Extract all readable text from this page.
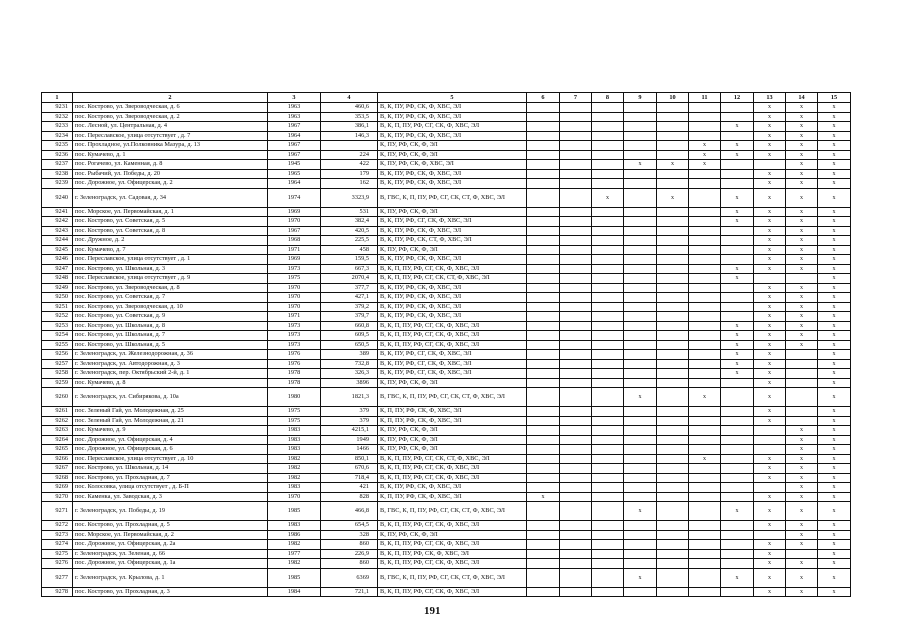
1	2	3	4	5	6	7	8	9	10	11	12	13	14	15
9231	пос. Кострово, ул. Звероводческая, д. 6	1963	460,6	В, К, ПУ, РФ, СК, Ф, ХВС, ЭЛ								x	x	x
9232	пос. Кострово, ул. Звероводческая, д. 2	1963	353,5	В, К, ПУ, РФ, СК, Ф, ХВС, ЭЛ								x	x	x
9233	пос. Лесной, ул. Центральная, д. 4	1967	386,1	В, К, П, ПУ, РФ, СГ, СК, Ф, ХВС, ЭЛ							x	x	x	x
9234	пос. Переславское, улица отсутствует , д. 7	1964	146,3	В, К, ПУ, РФ, СК, Ф, ХВС, ЭЛ								x	x	x
9235	пос. Прохладное, ул.Полковника Мазура, д. 13	1967		К, ПУ, РФ, СК, Ф, ЭЛ						x	x	x	x	x
9236	пос. Кумачево, д. 1	1967	224	К, ПУ, РФ, СК, Ф, ЭЛ						x	x	x	x	x
9237	пос. Рогачево, ул. Каменная, д. 8	1945	422	К, ПУ, РФ, СК, Ф, ХВС, ЭЛ				x	x	x			x	x
9238	пос. Рыбачий, ул. Победы, д. 20	1965	179	В, К, ПУ, РФ, СК, Ф, ХВС, ЭЛ								x	x	x
9239	пос. Дорожное, ул. Офицерская, д. 2	1964	162	В, К, ПУ, РФ, СК, Ф, ХВС, ЭЛ								x	x	x
9240	г. Зеленоградск, ул. Садовая, д. 34	1974	3323,9	В, ГВС, К, П, ПУ, РФ, СГ, СК, СТ, Ф, ХВС, ЭЛ			x		x		x	x	x	x
9241	пос. Морское, ул. Первомайская, д. 1	1969	531	К, ПУ, РФ, СК, Ф, ЭЛ							x	x	x	x
9242	пос. Кострово, ул. Советская, д. 5	1970	382,4	В, К, ПУ, РФ, СГ, СК, Ф, ХВС, ЭЛ							x	x	x	x
9243	пос. Кострово, ул. Советская, д. 8	1967	420,5	В, К, ПУ, РФ, СК, Ф, ХВС, ЭЛ								x	x	x
9244	пос. Дружное, д. 2	1968	225,5	В, К, ПУ, РФ, СК, СТ, Ф, ХВС, ЭЛ								x	x	x
9245	пос. Кумачево, д. 7	1971	458	К, ПУ, РФ, СК, Ф, ЭЛ								x	x	x
9246	пос. Переславское, улица отсутствует , д. 1	1969	159,5	В, К, ПУ, РФ, СК, Ф, ХВС, ЭЛ								x	x	x
9247	пос. Кострово, ул. Школьная, д. 3	1973	667,3	В, К, П, ПУ, РФ, СГ, СК, Ф, ХВС, ЭЛ							x	x	x	x
9248	пос. Переславское, улица отсутствует , д. 9	1975	2070,4	В, К, П, ПУ, РФ, СГ, СК, СТ, Ф, ХВС, ЭЛ							x			x
9249	пос. Кострово, ул. Звероводческая, д. 8	1970	377,7	В, К, ПУ, РФ, СК, Ф, ХВС, ЭЛ								x	x	x
9250	пос. Кострово, ул. Советская, д. 7	1970	427,1	В, К, ПУ, РФ, СК, Ф, ХВС, ЭЛ								x	x	x
9251	пос. Кострово, ул. Звероводческая, д. 10	1970	379,2	В, К, ПУ, РФ, СК, Ф, ХВС, ЭЛ								x	x	x
9252	пос. Кострово, ул. Советская, д. 9	1971	379,7	В, К, ПУ, РФ, СК, Ф, ХВС, ЭЛ								x	x	x
9253	пос. Кострово, ул. Школьная, д. 8	1973	660,8	В, К, П, ПУ, РФ, СГ, СК, Ф, ХВС, ЭЛ							x	x	x	x
9254	пос. Кострово, ул. Школьная, д. 7	1973	609,5	В, К, П, ПУ, РФ, СГ, СК, Ф, ХВС, ЭЛ							x	x	x	x
9255	пос. Кострово, ул. Школьная, д. 5	1973	650,5	В, К, П, ПУ, РФ, СГ, СК, Ф, ХВС, ЭЛ							x	x	x	x
9256	г. Зеленоградск, ул. Железнодорожная, д. 36	1976	389	В, К, ПУ, РФ, СГ, СК, Ф, ХВС, ЭЛ							x	x		x
9257	г. Зеленоградск, ул. Автодорожная, д. 3	1976	732,8	В, К, ПУ, РФ, СГ, СК, Ф, ХВС, ЭЛ							x	x		x
9258	г. Зеленоградск, пер. Октябрьский 2-й, д. 1	1978	326,3	В, К, ПУ, РФ, СГ, СК, Ф, ХВС, ЭЛ							x	x		x
9259	пос. Кумачево, д. 8	1978	3896	К, ПУ, РФ, СК, Ф, ЭЛ								x		x
9260	г. Зеленоградск, ул. Сибирякова, д. 10а	1980	1821,3	В, ГВС, К, П, ПУ, РФ, СГ, СК, СТ, Ф, ХВС, ЭЛ				x		x		x		x
9261	пос. Зеленый Гай, ул. Молодежная, д. 25	1975	379	К, П, ПУ, РФ, СК, Ф, ХВС, ЭЛ								x		x
9262	пос. Зеленый Гай, ул. Молодежная, д. 21	1975	379	К, П, ПУ, РФ, СК, Ф, ХВС, ЭЛ								x		x
9263	пос. Кумачево, д. 9	1983	4215,1	К, ПУ, РФ, СК, Ф, ЭЛ									x	x
9264	пос. Дорожное, ул. Офицерская, д. 4	1983	1949	К, ПУ, РФ, СК, Ф, ЭЛ									x	x
9265	пос. Дорожное, ул. Офицерская, д. 6	1983	1466	К, ПУ, РФ, СК, Ф, ЭЛ									x	x
9266	пос. Переславское, улица отсутствует , д. 10	1982	850,1	В, К, П, ПУ, РФ, СГ, СК, СТ, Ф, ХВС, ЭЛ						x		x	x	x
9267	пос. Кострово, ул. Школьная, д. 14	1982	670,6	В, К, П, ПУ, РФ, СГ, СК, Ф, ХВС, ЭЛ								x	x	x
9268	пос. Кострово, ул. Прохладная, д. 7	1982	718,4	В, К, П, ПУ, РФ, СГ, СК, Ф, ХВС, ЭЛ								x	x	x
9269	пос. Колосовка, улица отсутствует , д. Б-П	1983	421	В, К, ПУ, РФ, СК, Ф, ХВС, ЭЛ									x	x
9270	пос. Каменка, ул. Заводская, д. 3	1970	828	К, П, ПУ, РФ, СК, Ф, ХВС, ЭЛ	x							x	x	x
9271	г. Зеленоградск, ул. Победы, д. 19	1985	466,8	В, ГВС, К, П, ПУ, РФ, СГ, СК, СТ, Ф, ХВС, ЭЛ				x			x	x	x	x
9272	пос. Кострово, ул. Прохладная, д. 5	1983	654,5	В, К, П, ПУ, РФ, СГ, СК, Ф, ХВС, ЭЛ								x	x	x
9273	пос. Морское, ул. Первомайская, д. 2	1986	328	К, ПУ, РФ, СК, Ф, ЭЛ									x	x
9274	пос. Дорожное, ул. Офицерская, д. 2а	1982	860	В, К, П, ПУ, РФ, СГ, СК, Ф, ХВС, ЭЛ								x	x	x
9275	г. Зеленоградск, ул. Зеленая, д. 66	1977	226,9	В, К, П, ПУ, РФ, СК, Ф, ХВС, ЭЛ								x		x
9276	пос. Дорожное, ул. Офицерская, д. 1а	1982	860	В, К, П, ПУ, РФ, СГ, СК, Ф, ХВС, ЭЛ								x	x	x
9277	г. Зеленоградск, ул. Крылова, д. 1	1985	6369	В, ГВС, К, П, ПУ, РФ, СГ, СК, СТ, Ф, ХВС, ЭЛ				x			x	x	x	x
9278	пос. Кострово, ул. Прохладная, д. 3	1984	721,1	В, К, П, ПУ, РФ, СГ, СК, Ф, ХВС, ЭЛ								x	x	x
191
